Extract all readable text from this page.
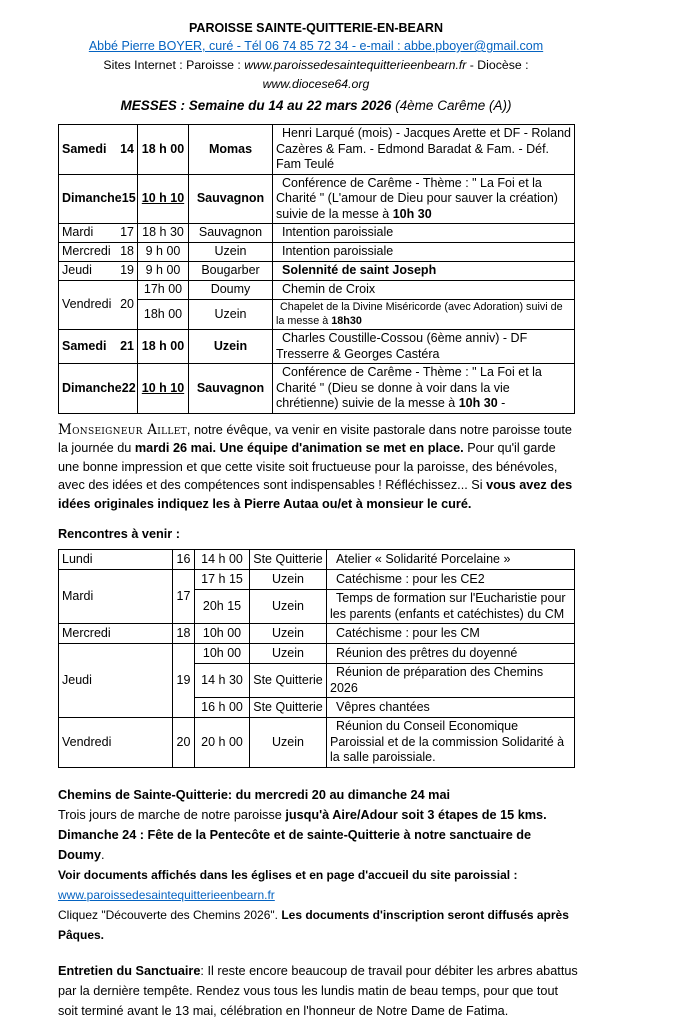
PAROISSE SAINTE-QUITTERIE-EN-BEARN
Abbé Pierre BOYER, curé - Tél 06 74 85 72 34 - e-mail : abbe.pboyer@gmail.com
Sites Internet : Paroisse : www.paroissedesaintequitterieenbearn.fr - Diocèse : www.diocese64.org
MESSES : Semaine du 14 au 22 mars 2026 (4ème Carême (A))
Samedi 14	18 h 00	Momas	Henri Larqué (mois) - Jacques Arette et DF - Roland Cazères & Fam. - Edmond Baradat & Fam. - Déf. Fam Teulé

Dimanche 15	10 h 10	Sauvagnon	Conférence de Carême - Thème : " La Foi et la Charité " (L'amour de Dieu pour sauver la création) suivie de la messe à 10h 30

Mardi 17	18 h 30	Sauvagnon	Intention paroissiale

Mercredi 18	9 h 00	Uzein	Intention paroissiale

Jeudi 19	9 h 00	Bougarber	Solennité de saint Joseph

Vendredi 20	17h 00	Doumy	Chemin de Croix
	18h 00	Uzein	Chapelet de la Divine Miséricorde (avec Adoration) suivi de la messe à 18h30

Samedi 21	18 h 00	Uzein	Charles Coustille-Cossou (6ème anniv) - DF Tresserre & Georges Castéra

Dimanche 22	10 h 10	Sauvagnon	Conférence de Carême - Thème : " La Foi et la Charité " (Dieu se donne à voir dans la vie chrétienne) suivie de la messe à 10h 30 -

Monseigneur Aillet, notre évêque, va venir en visite pastorale dans notre paroisse toute la journée du mardi 26 mai. Une équipe d'animation se met en place. Pour qu'il garde une bonne impression et que cette visite soit fructueuse pour la paroisse, des bénévoles, avec des idées et des compétences sont indispensables ! Réfléchissez... Si vous avez des idées originales indiquez les à Pierre Autaa ou/et à monsieur le curé.

Rencontres à venir :

Lundi	16	14 h 00	Ste Quitterie	Atelier « Solidarité Porcelaine »
Mardi	17	17 h 15	Uzein	Catéchisme : pour les CE2
		20h 15	Uzein	Temps de formation sur l'Eucharistie pour les parents (enfants et catéchistes) du CM
Mercredi	18	10h 00	Uzein	Catéchisme : pour les CM
Jeudi	19	10h 00	Uzein	Réunion des prêtres du doyenné
		14 h 30	Ste Quitterie	Réunion de préparation des Chemins 2026
		16 h 00	Ste Quitterie	Vêpres chantées
Vendredi	20	20 h 00	Uzein	Réunion du Conseil Economique Paroissial et de la commission Solidarité à la salle paroissiale.

Chemins de Sainte-Quitterie: du mercredi 20 au dimanche 24 mai

Trois jours de marche de notre paroisse jusqu'à Aire/Adour soit 3 étapes de 15 kms.

Dimanche 24 : Fête de la Pentecôte et de sainte-Quitterie à notre sanctuaire de Doumy.

Voir documents affichés dans les églises et en page d'accueil du site paroissial :

www.paroissedesaintequitterieenbearn.fr

Cliquez "Découverte des Chemins 2026". Les documents d'inscription seront diffusés après Pâques.

Entretien du Sanctuaire: Il reste encore beaucoup de travail pour débiter les arbres abattus par la dernière tempête. Rendez vous tous les lundis matin de beau temps, pour que tout soit terminé avant le 13 mai, célébration en l'honneur de Notre Dame de Fatima.
